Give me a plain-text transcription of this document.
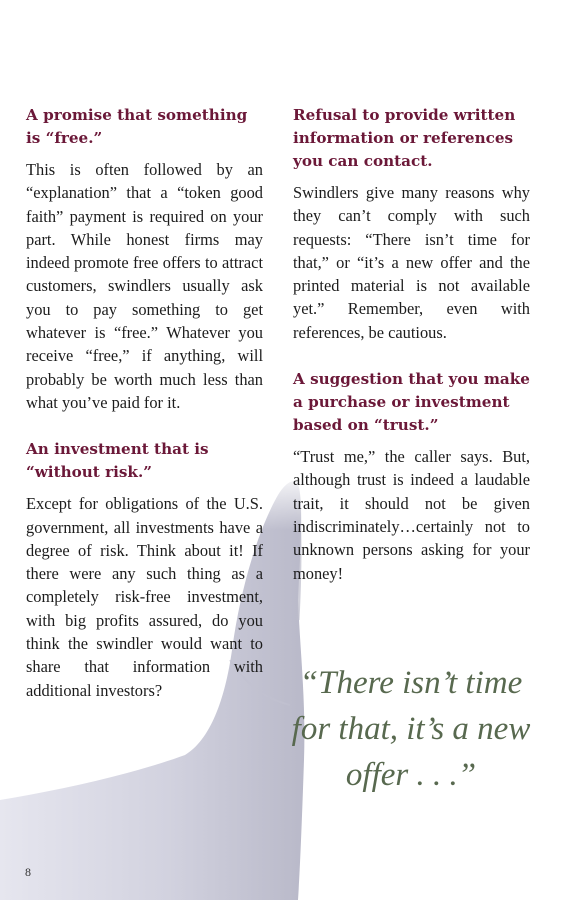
A promise that something is “free.”

This is often followed by an “explanation” that a “token good faith” payment is required on your part. While honest firms may indeed promote free offers to attract customers, swindlers usually ask you to pay something to get whatever is “free.” Whatever you receive “free,” if anything, will probably be worth much less than what you’ve paid for it.

An investment that is “without risk.”

Except for obligations of the U.S. government, all investments have a degree of risk. Think about it! If there were any such thing as a completely risk-free investment, with big profits assured, do you think the swindler would want to share that information with additional investors?

Refusal to provide written information or references you can contact.

Swindlers give many reasons why they can’t comply with such requests: “There isn’t time for that,” or “it’s a new offer and the printed material is not available yet.” Remember, even with references, be cautious.

A suggestion that you make a purchase or investment based on “trust.”

“Trust me,” the caller says. But, although trust is indeed a laudable trait, it should not be given indiscriminately…certainly not to unknown persons asking for your money!

“There isn’t time for that, it’s a new offer . . .”
8
